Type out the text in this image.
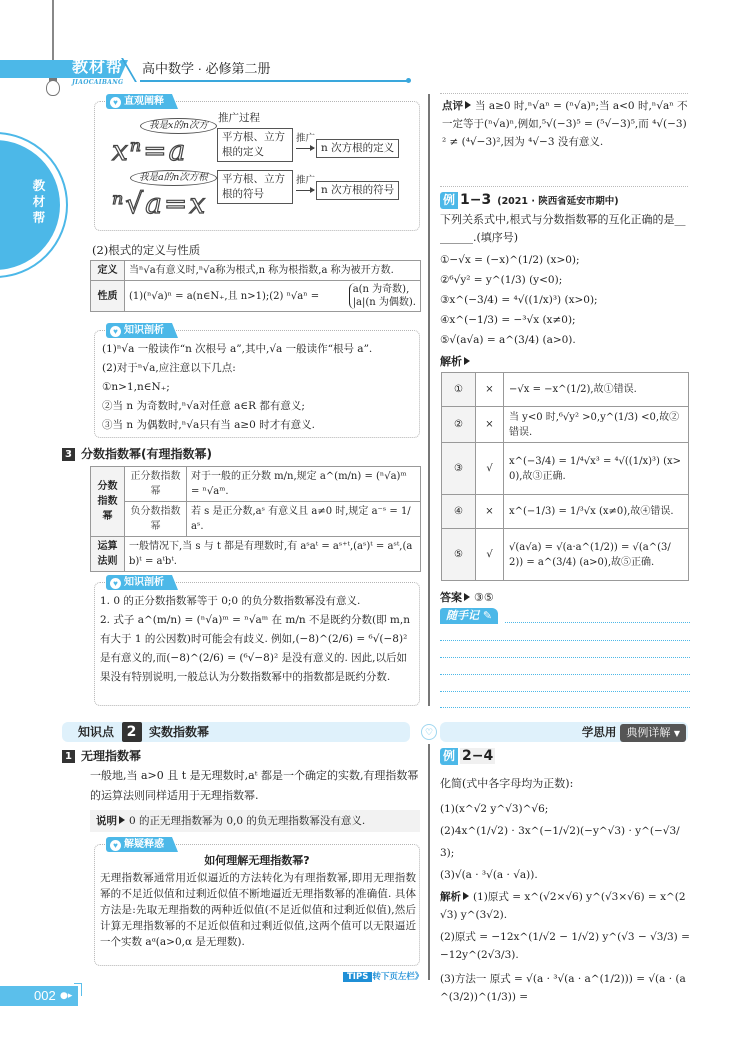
教材帮
JIAOCAIBANG
高中数学 · 必修第二册
教材帮
♥ 直观阐释
我是x的n次方
xⁿ=a
我是a的n次方根
ⁿ√a=x
推广过程
平方根、立方根的定义
平方根、立方根的符号
推广
推广
n 次方根的定义
n 次方根的符号
(2)根式的定义与性质
定义	当ⁿ√a有意义时,ⁿ√a称为根式,n 称为根指数,a 称为被开方数.
性质	(1)(ⁿ√a)ⁿ = a(n∈N₊,且 n>1);(2) ⁿ√aⁿ =
a(n 为奇数),
|a|(n 为偶数).
♥ 知识剖析
(1)ⁿ√a 一般读作“n 次根号 a”,其中,√a 一般读作“根号 a”.
(2)对于ⁿ√a,应注意以下几点:
①n>1,n∈N₊;
②当 n 为奇数时,ⁿ√a对任意 a∈R 都有意义;
③当 n 为偶数时,ⁿ√a只有当 a≥0 时才有意义.
3 分数指数幂(有理指数幂)
分数指数幂	正分数指数幂	对于一般的正分数 m/n,规定 a^(m/n) = (ⁿ√a)ᵐ = ⁿ√aᵐ.
	负分数指数幂	若 s 是正分数,aˢ 有意义且 a≠0 时,规定 a⁻ˢ = 1/aˢ.
运算法则	一般情况下,当 s 与 t 都是有理数时,有 aˢaᵗ = aˢ⁺ᵗ,(aˢ)ᵗ = aˢᵗ,(ab)ᵗ = aᵗbᵗ.	
♥ 知识剖析
1. 0 的正分数指数幂等于 0;0 的负分数指数幂没有意义.
2. 式子 a^(m/n) = (ⁿ√a)ᵐ = ⁿ√aᵐ 在 m/n 不是既约分数(即 m,n 有大于 1 的公因数)时可能会有歧义. 例如,(−8)^(2/6) = ⁶√(−8)² 是有意义的,而(−8)^(2/6) = (⁶√−8)² 是没有意义的. 因此,以后如果没有特别说明,一般总认为分数指数幂中的指数都是既约分数.
点评 当 a≥0 时,ⁿ√aⁿ = (ⁿ√a)ⁿ;当 a<0 时,ⁿ√aⁿ 不一定等于(ⁿ√a)ⁿ,例如,⁵√(−3)⁵ = (⁵√−3)⁵,而 ⁴√(−3)² ≠ (⁴√−3)²,因为 ⁴√−3 没有意义.
例 1−3 (2021 · 陕西省延安市期中)
下列关系式中,根式与分数指数幂的互化正确的是________.(填序号)
①−√x = (−x)^(1/2) (x>0);
②⁶√y² = y^(1/3) (y<0);
③x^(−3/4) = ⁴√((1/x)³) (x>0);
④x^(−1/3) = −³√x (x≠0);
⑤√(a√a) = a^(3/4) (a>0).
解析
①	×	−√x = −x^(1/2),故①错误.
②	×	当 y<0 时,⁶√y² >0,y^(1/3) <0,故②错误.
③	√	x^(−3/4) = 1/⁴√x³ = ⁴√((1/x)³) (x>0),故③正确.
④	×	x^(−1/3) = 1/³√x (x≠0),故④错误.
⑤	√	√(a√a) = √(a·a^(1/2)) = √(a^(3/2)) = a^(3/4) (a>0),故⑤正确.
答案 ③⑤
随手记 ✎
知识点 2 实数指数幂	♡	学思用 典例详解 ▼
1 无理指数幂
一般地,当 a>0 且 t 是无理数时,aᵗ 都是一个确定的实数,有理指数幂的运算法则同样适用于无理指数幂.
说明 0 的正无理指数幂为 0,0 的负无理指数幂没有意义.
♥ 解疑释惑
如何理解无理指数幂?
无理指数幂通常用近似逼近的方法转化为有理指数幂,即用无理指数幂的不足近似值和过剩近似值不断地逼近无理指数幂的准确值. 具体方法是:先取无理指数的两种近似值(不足近似值和过剩近似值),然后计算无理指数幂的不足近似值和过剩近似值,这两个值可以无限逼近一个实数 aᵅ(a>0,α 是无理数).
TIPS 转下页左栏》
例 2−4
化简(式中各字母均为正数):
(1)(x^√2 y^√3)^√6;
(2)4x^(1/√2) · 3x^(−1/√2)(−y^√3) · y^(−√3/3);
(3)√(a · ³√(a · √a)).
解析 (1)原式 = x^(√2×√6) y^(√3×√6) = x^(2√3) y^(3√2).
(2)原式 = −12x^(1/√2 − 1/√2) y^(√3 − √3/3) = −12y^(2√3/3).
(3)方法一 原式 = √(a · ³√(a · a^(1/2))) = √(a · (a^(3/2))^(1/3)) =
002 ●▸
